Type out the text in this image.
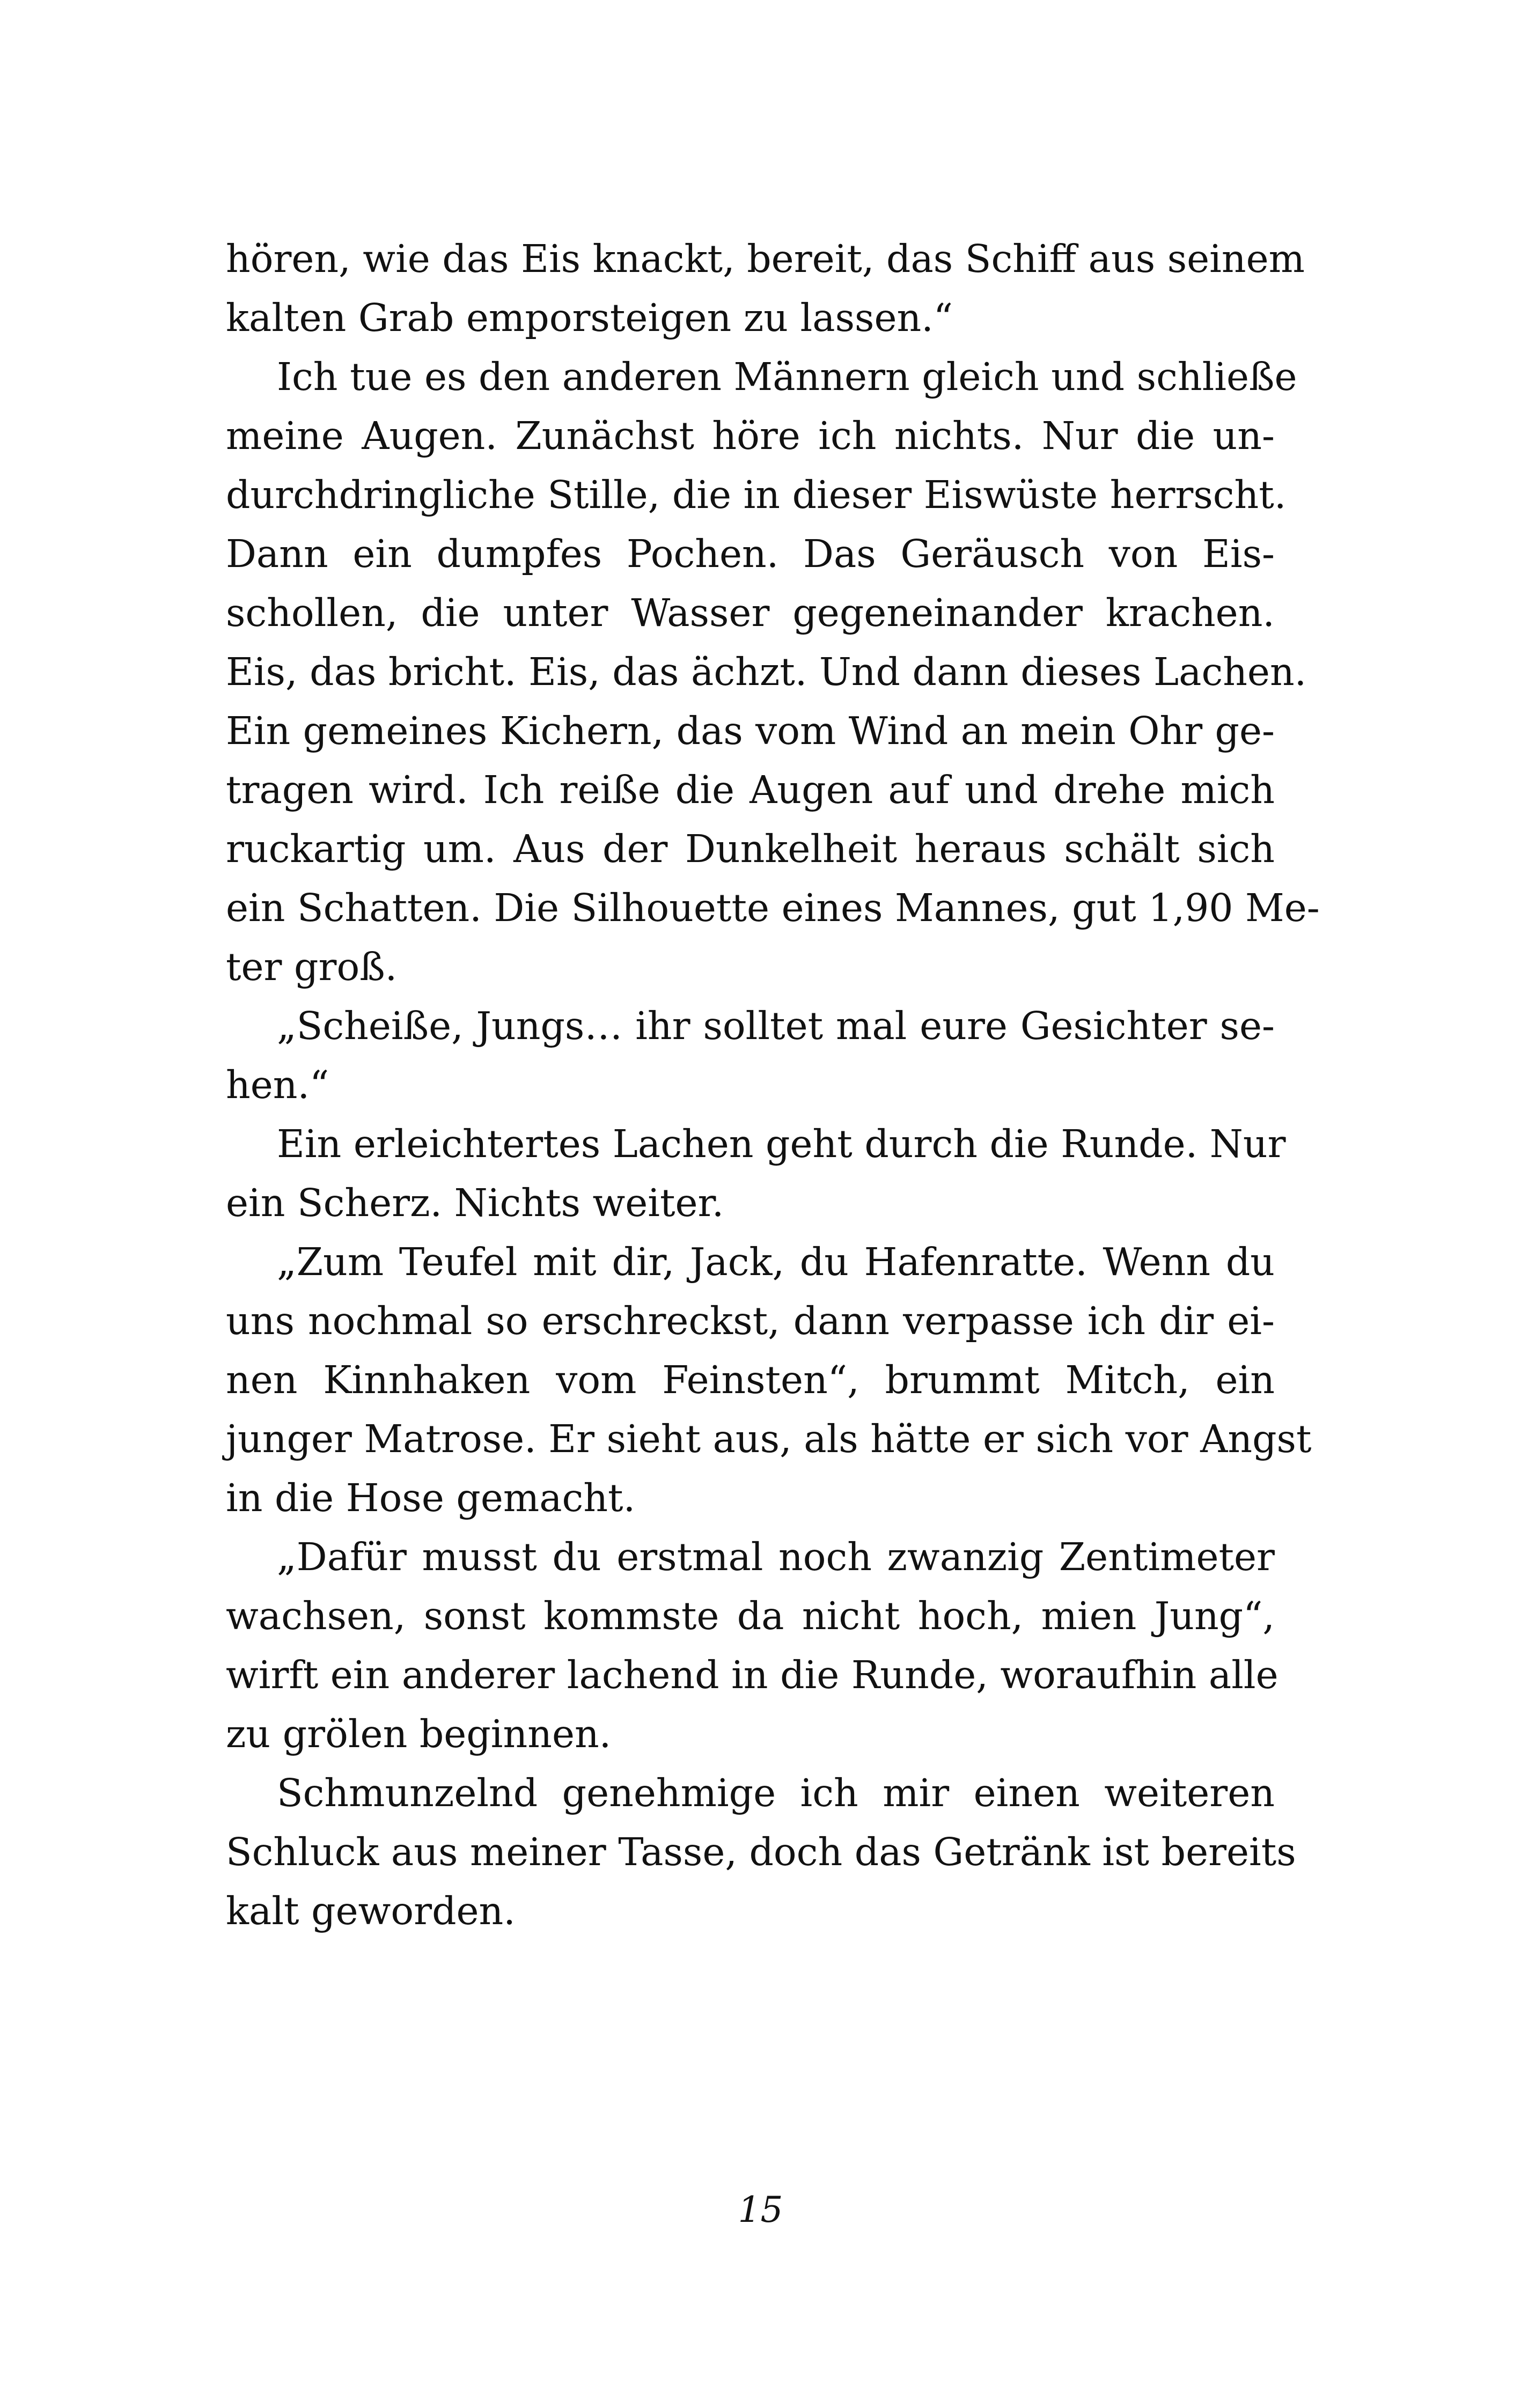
hören, wie das Eis knackt, bereit, das Schiff aus seinem
kalten Grab emporsteigen zu lassen.“
Ich tue es den anderen Männern gleich und schließe
meine Augen. Zunächst höre ich nichts. Nur die un-
durchdringliche Stille, die in dieser Eiswüste herrscht.
Dann ein dumpfes Pochen. Das Geräusch von Eis-
schollen, die unter Wasser gegeneinander krachen.
Eis, das bricht. Eis, das ächzt. Und dann dieses Lachen.
Ein gemeines Kichern, das vom Wind an mein Ohr ge-
tragen wird. Ich reiße die Augen auf und drehe mich
ruckartig um. Aus der Dunkelheit heraus schält sich
ein Schatten. Die Silhouette eines Mannes, gut 1,90 Me-
ter groß.
„Scheiße, Jungs… ihr solltet mal eure Gesichter se-
hen.“
Ein erleichtertes Lachen geht durch die Runde. Nur
ein Scherz. Nichts weiter.
„Zum Teufel mit dir, Jack, du Hafenratte. Wenn du
uns nochmal so erschreckst, dann verpasse ich dir ei-
nen Kinnhaken vom Feinsten“, brummt Mitch, ein
junger Matrose. Er sieht aus, als hätte er sich vor Angst
in die Hose gemacht.
„Dafür musst du erstmal noch zwanzig Zentimeter
wachsen, sonst kommste da nicht hoch, mien Jung“,
wirft ein anderer lachend in die Runde, woraufhin alle
zu grölen beginnen.
Schmunzelnd genehmige ich mir einen weiteren
Schluck aus meiner Tasse, doch das Getränk ist bereits
kalt geworden.
15
